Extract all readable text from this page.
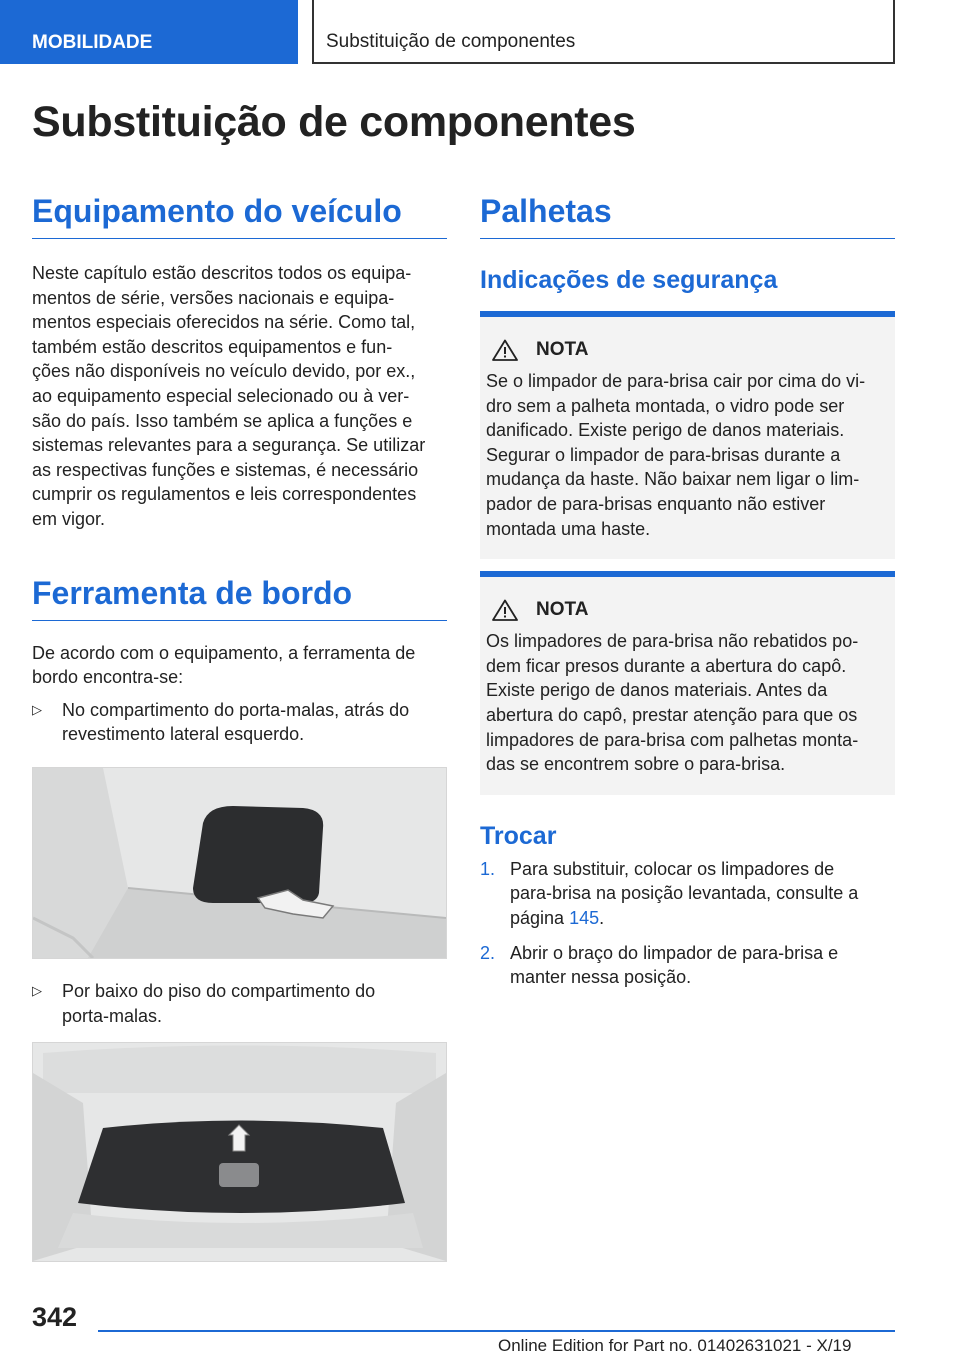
MOBILIDADE	Substituição de componentes
Substituição de componentes
Equipamento do veículo

Neste capítulo estão descritos todos os equipa-
mentos de série, versões nacionais e equipa-
mentos especiais oferecidos na série. Como tal,
também estão descritos equipamentos e fun-
ções não disponíveis no veículo devido, por ex.,
ao equipamento especial selecionado ou à ver-
são do país. Isso também se aplica a funções e
sistemas relevantes para a segurança. Se utilizar
as respectivas funções e sistemas, é necessário
cumprir os regulamentos e leis correspondentes
em vigor.

Ferramenta de bordo

De acordo com o equipamento, a ferramenta de
bordo encontra-se:

▷ No compartimento do porta-malas, atrás do
revestimento lateral esquerdo.
▷ Por baixo do piso do compartimento do
porta-malas.
Palhetas
Indicações de segurança
NOTA

Se o limpador de para-brisa cair por cima do vi-
dro sem a palheta montada, o vidro pode ser
danificado. Existe perigo de danos materiais.
Segurar o limpador de para-brisas durante a
mudança da haste. Não baixar nem ligar o lim-
pador de para-brisas enquanto não estiver
montada uma haste.

NOTA

Os limpadores de para-brisa não rebatidos po-
dem ficar presos durante a abertura do capô.
Existe perigo de danos materiais. Antes da
abertura do capô, prestar atenção para que os
limpadores de para-brisa com palhetas monta-
das se encontrem sobre o para-brisa.

Trocar
1. Para substituir, colocar os limpadores de
para-brisa na posição levantada, consulte a
página 145.
2. Abrir o braço do limpador de para-brisa e
manter nessa posição.
342
Online Edition for Part no. 01402631021 - X/19
